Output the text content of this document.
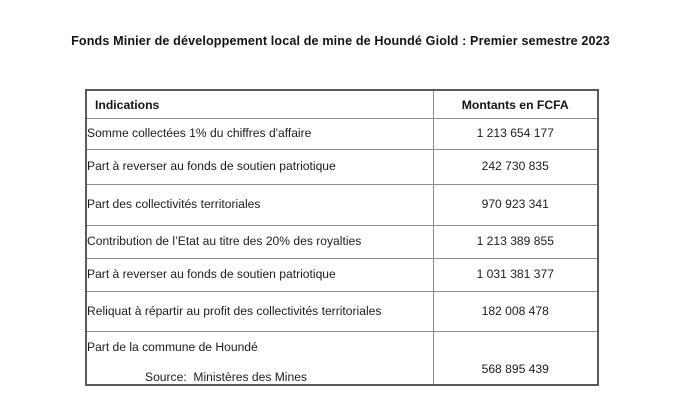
Fonds Minier de développement local de mine de Houndé Giold : Premier semestre 2023
Indications	Montants en FCFA
Somme collectées 1% du chiffres d'affaire	1 213 654 177
Part à reverser au fonds de soutien patriotique	242 730 835
Part des collectivités territoriales	970 923 341
Contribution de l’Etat au titre des 20% des royalties	1 213 389 855
Part à reverser au fonds de soutien patriotique	1 031 381 377
Reliquat à répartir au profit des collectivités territoriales	182 008 478
Part de la commune de Houndé	568 895 439
Source:  Ministères des Mines
